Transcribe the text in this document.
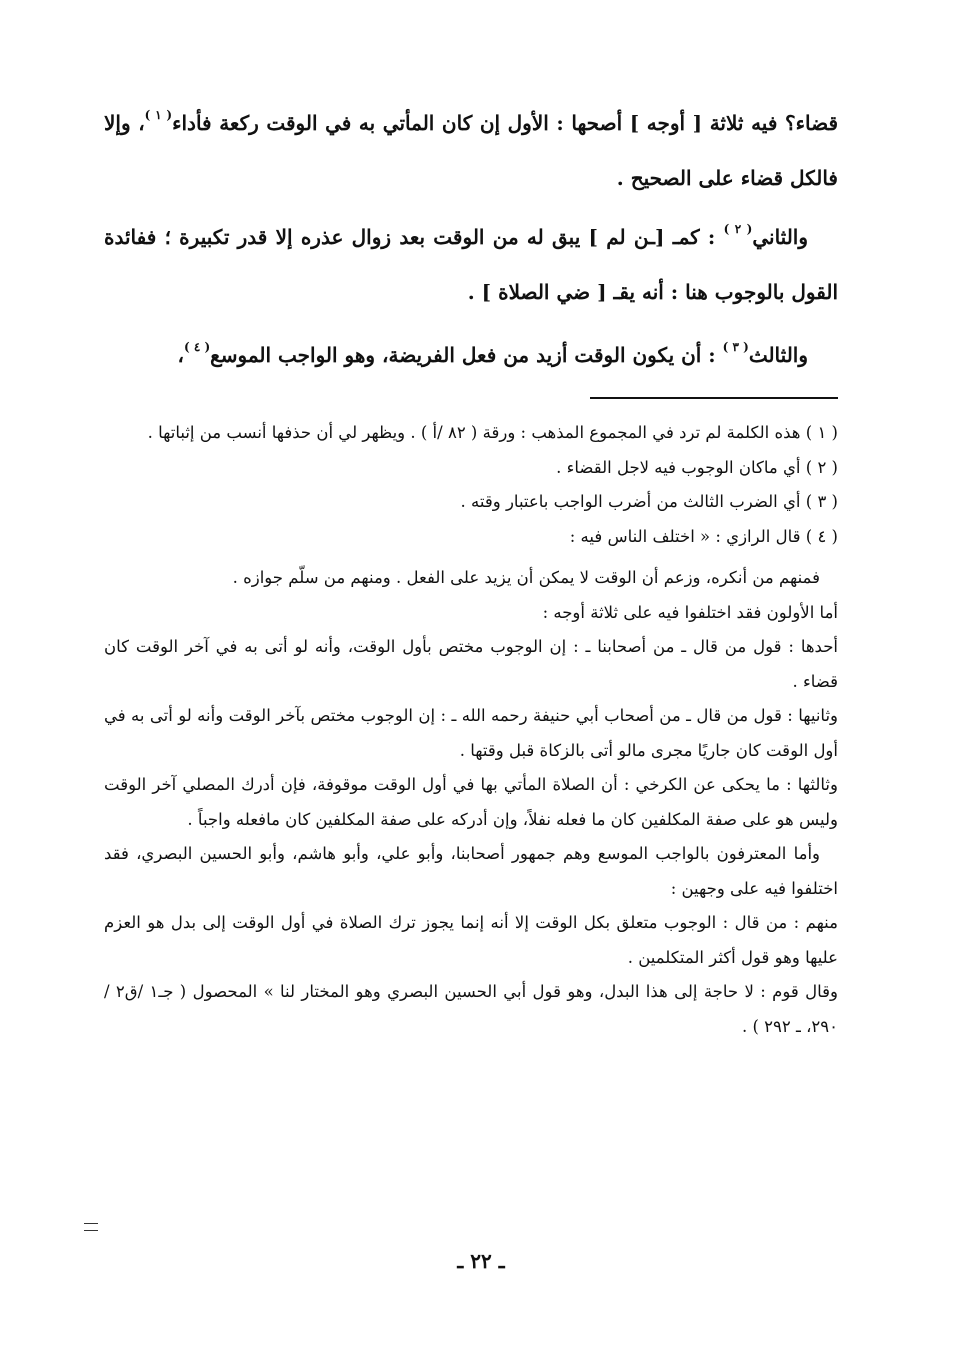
قضاء؟ فيه ثلاثة [ أوجه ] أصحها : الأول إن كان المأتي به في الوقت ركعة فأداء$^{( ١ )}$، وإلا فالكل قضاء على الصحيح .

والثاني$^{( ٢ )}$ : كمـ [ـن لم ] يبق له من الوقت بعد زوال عذره إلا قدر تكبيرة ؛ ففائدة القول بالوجوب هنا : أنه يقـ [ ضي الصلاة ] .

والثالث$^{( ٣ )}$ : أن يكون الوقت أزيد من فعل الفريضة، وهو الواجب الموسع$^{( ٤ )}$،

( ١ ) هذه الكلمة لم ترد في المجموع المذهب : ورقة ( ٨٢ /أ ) . ويظهر لي أن حذفها أنسب من إثباتها .

( ٢ ) أي ماكان الوجوب فيه لاجل القضاء .

( ٣ ) أي الضرب الثالث من أضرب الواجب باعتبار وقته .

( ٤ ) قال الرازي : « اختلف الناس فيه :

فمنهم من أنكره، وزعم أن الوقت لا يمكن أن يزيد على الفعل . ومنهم من سلّم جوازه .

أما الأولون فقد اختلفوا فيه على ثلاثة أوجه :

أحدها : قول من قال ـ من أصحابنا ـ : إن الوجوب مختص بأول الوقت، وأنه لو أتى به في آخر الوقت كان قضاء .

وثانيها : قول من قال ـ من أصحاب أبي حنيفة رحمه الله ـ : إن الوجوب مختص بآخر الوقت وأنه لو أتى به في أول الوقت كان جاريًا مجرى مالو أتى بالزكاة قبل وقتها .

وثالثها : ما يحكى عن الكرخي : أن الصلاة المأتي بها في أول الوقت موقوفة، فإن أدرك المصلي آخر الوقت وليس هو على صفة المكلفين كان ما فعله نفلاً، وإن أدركه على صفة المكلفين كان مافعله واجباً .

وأما المعترفون بالواجب الموسع وهم جمهور أصحابنا، وأبو علي، وأبو هاشم، وأبو الحسين البصري، فقد اختلفوا فيه على وجهين :

منهم : من قال : الوجوب متعلق بكل الوقت إلا أنه إنما يجوز ترك الصلاة في أول الوقت إلى بدل هو العزم عليها وهو قول أكثر المتكلمين .

وقال قوم : لا حاجة إلى هذا البدل، وهو قول أبي الحسين البصري وهو المختار لنا » المحصول ( جـ١ /ق٢ / ٢٩٠، ـ ٢٩٢ ) .

ـ ٢٢ ـ
